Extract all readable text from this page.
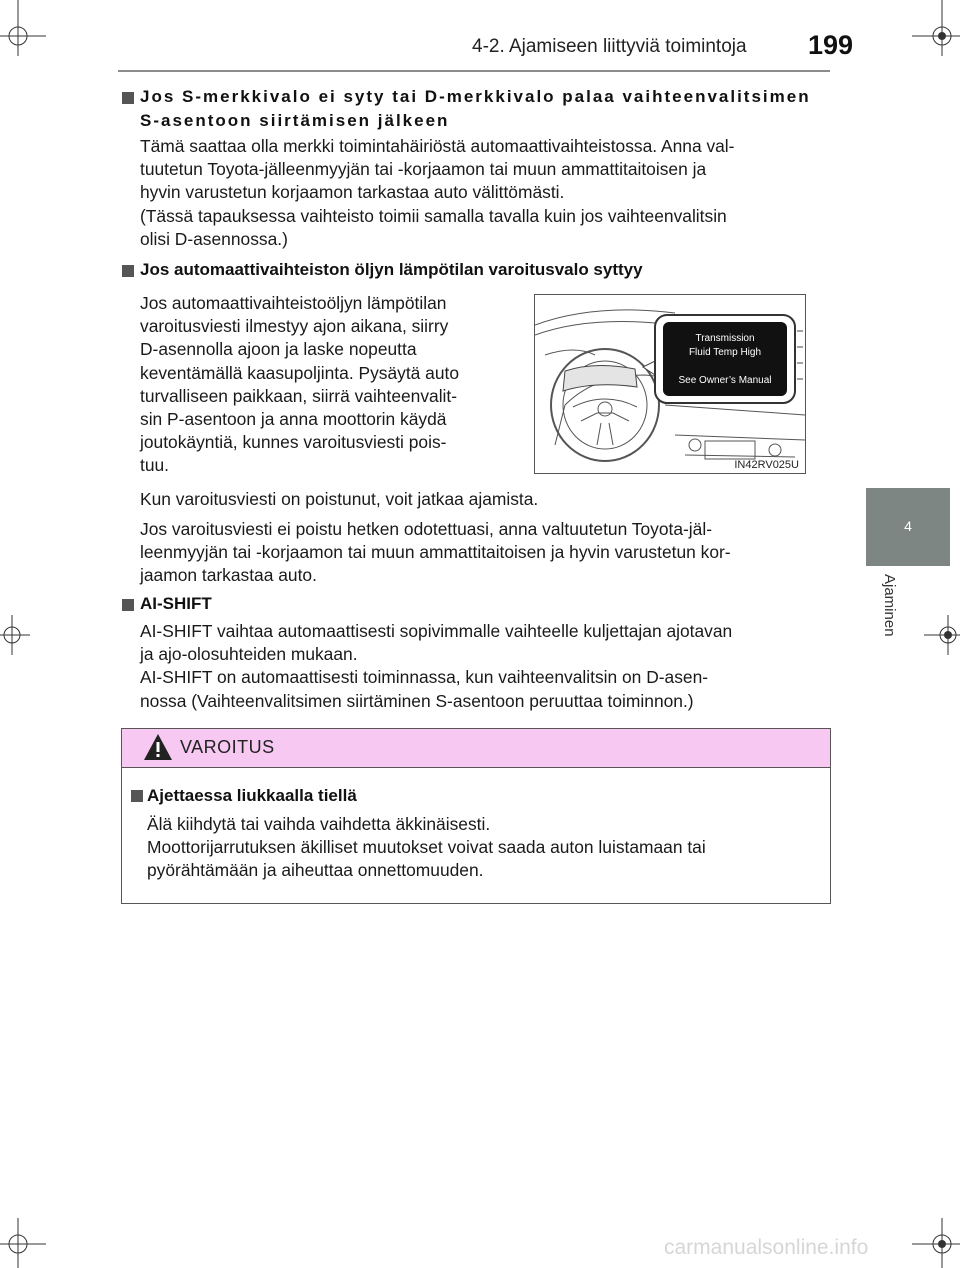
4-2. Ajamiseen liittyviä toimintoja 199
4
Ajaminen
Jos S-merkkivalo ei syty tai D-merkkivalo palaa vaihteenvalitsimen
S-asentoon siirtämisen jälkeen
Tämä saattaa olla merkki toimintahäiriöstä automaattivaihteistossa. Anna val-
tuutetun Toyota-jälleenmyyjän tai -korjaamon tai muun ammattitaitoisen ja
hyvin varustetun korjaamon tarkastaa auto välittömästi.
(Tässä tapauksessa vaihteisto toimii samalla tavalla kuin jos vaihteenvalitsin
olisi D-asennossa.)
Jos automaattivaihteiston öljyn lämpötilan varoitusvalo syttyy
Jos automaattivaihteistoöljyn lämpötilan
varoitusviesti ilmestyy ajon aikana, siirry
D-asennolla ajoon ja laske nopeutta
keventämällä kaasupoljinta. Pysäytä auto
turvalliseen paikkaan, siirrä vaihteenvalit-
sin P-asentoon ja anna moottorin käydä
joutokäyntiä, kunnes varoitusviesti pois-
tuu.
Transmission
Fluid Temp High
See Owner’s Manual
IN42RV025U
Kun varoitusviesti on poistunut, voit jatkaa ajamista.
Jos varoitusviesti ei poistu hetken odotettuasi, anna valtuutetun Toyota-jäl-
leenmyyjän tai -korjaamon tai muun ammattitaitoisen ja hyvin varustetun kor-
jaamon tarkastaa auto.
AI-SHIFT
AI-SHIFT vaihtaa automaattisesti sopivimmalle vaihteelle kuljettajan ajotavan
ja ajo-olosuhteiden mukaan.
AI-SHIFT on automaattisesti toiminnassa, kun vaihteenvalitsin on D-asen-
nossa (Vaihteenvalitsimen siirtäminen S-asentoon peruuttaa toiminnon.)
VAROITUS
Ajettaessa liukkaalla tiellä
Älä kiihdytä tai vaihda vaihdetta äkkinäisesti.
Moottorijarrutuksen äkilliset muutokset voivat saada auton luistamaan tai
pyörähtämään ja aiheuttaa onnettomuuden.
carmanualsonline.info
